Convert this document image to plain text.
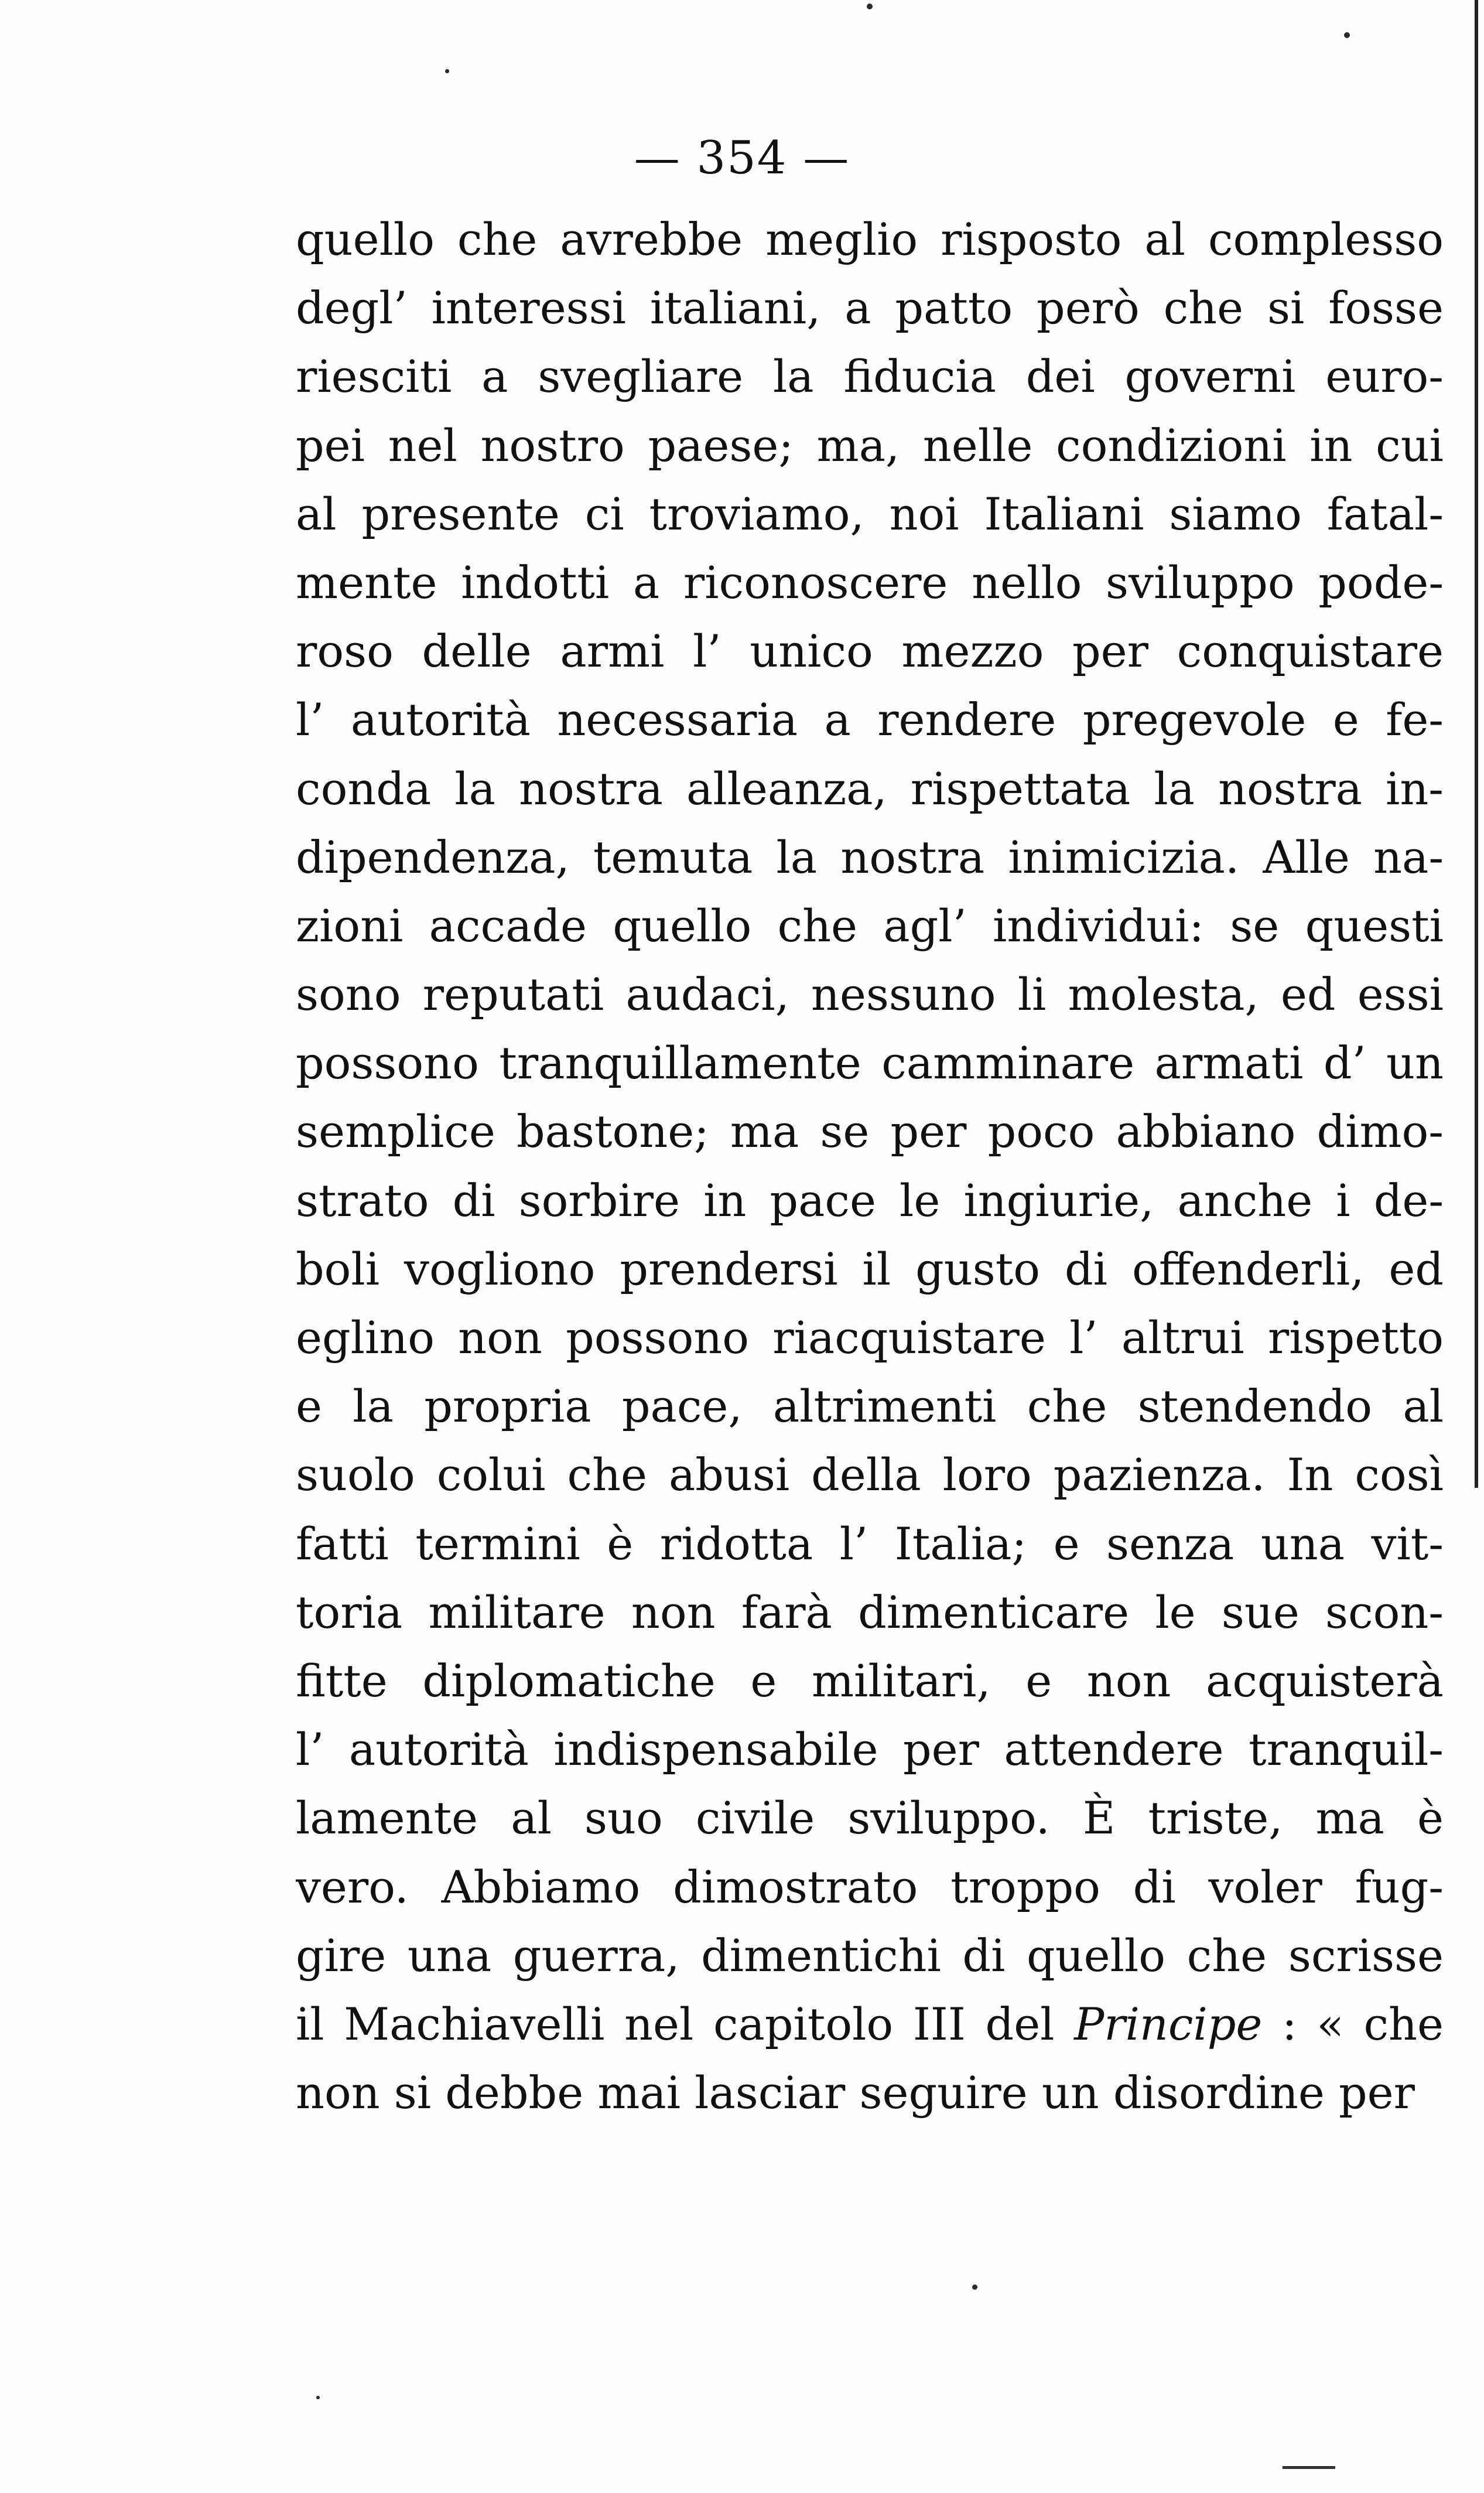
— 354 —
quello che avrebbe meglio risposto al complesso
degl’ interessi italiani, a patto però che si fosse
riesciti a svegliare la fiducia dei governi euro-
pei nel nostro paese; ma, nelle condizioni in cui
al presente ci troviamo, noi Italiani siamo fatal-
mente indotti a riconoscere nello sviluppo pode-
roso delle armi l’ unico mezzo per conquistare
l’ autorità necessaria a rendere pregevole e fe-
conda la nostra alleanza, rispettata la nostra in-
dipendenza, temuta la nostra inimicizia. Alle na-
zioni accade quello che agl’ individui: se questi
sono reputati audaci, nessuno li molesta, ed essi
possono tranquillamente camminare armati d’ un
semplice bastone; ma se per poco abbiano dimo-
strato di sorbire in pace le ingiurie, anche i de-
boli vogliono prendersi il gusto di offenderli, ed
eglino non possono riacquistare l’ altrui rispetto
e la propria pace, altrimenti che stendendo al
suolo colui che abusi della loro pazienza. In così
fatti termini è ridotta l’ Italia; e senza una vit-
toria militare non farà dimenticare le sue scon-
fitte diplomatiche e militari, e non acquisterà
l’ autorità indispensabile per attendere tranquil-
lamente al suo civile sviluppo. È triste, ma è
vero. Abbiamo dimostrato troppo di voler fug-
gire una guerra, dimentichi di quello che scrisse
il Machiavelli nel capitolo III del Principe : « che
non si debbe mai lasciar seguire un disordine per
